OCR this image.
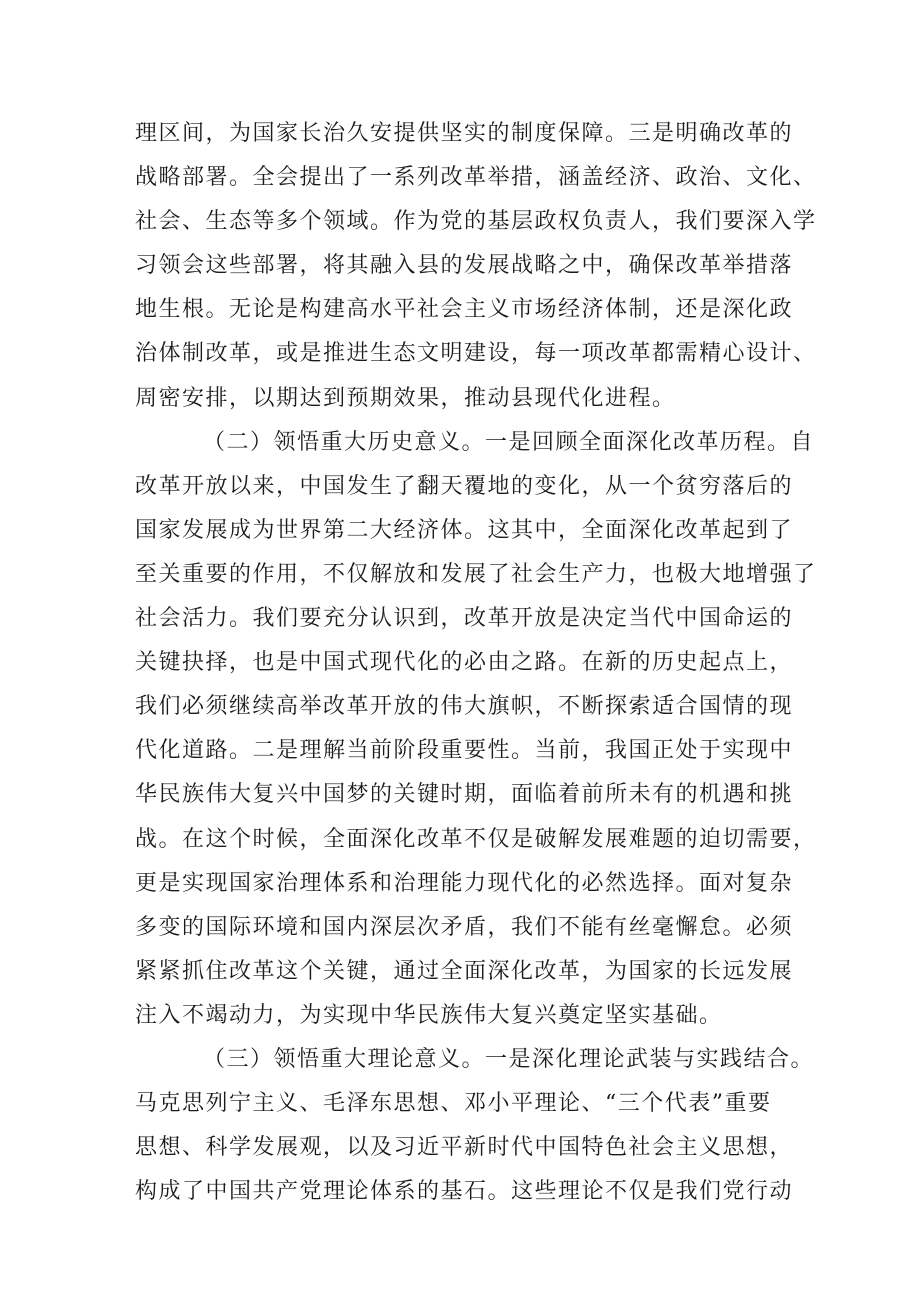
理区间，为国家长治久安提供坚实的制度保障。三是明确改革的
战略部署。全会提出了一系列改革举措，涵盖经济、政治、文化、
社会、生态等多个领域。作为党的基层政权负责人，我们要深入学
习领会这些部署，将其融入县的发展战略之中，确保改革举措落
地生根。无论是构建高水平社会主义市场经济体制，还是深化政
治体制改革，或是推进生态文明建设，每一项改革都需精心设计、
周密安排，以期达到预期效果，推动县现代化进程。
（二）领悟重大历史意义。一是回顾全面深化改革历程。自
改革开放以来，中国发生了翻天覆地的变化，从一个贫穷落后的
国家发展成为世界第二大经济体。这其中，全面深化改革起到了
至关重要的作用，不仅解放和发展了社会生产力，也极大地增强了
社会活力。我们要充分认识到，改革开放是决定当代中国命运的
关键抉择，也是中国式现代化的必由之路。在新的历史起点上，
我们必须继续高举改革开放的伟大旗帜，不断探索适合国情的现
代化道路。二是理解当前阶段重要性。当前，我国正处于实现中
华民族伟大复兴中国梦的关键时期，面临着前所未有的机遇和挑
战。在这个时候，全面深化改革不仅是破解发展难题的迫切需要，
更是实现国家治理体系和治理能力现代化的必然选择。面对复杂
多变的国际环境和国内深层次矛盾，我们不能有丝毫懈怠。必须
紧紧抓住改革这个关键，通过全面深化改革，为国家的长远发展
注入不竭动力，为实现中华民族伟大复兴奠定坚实基础。
（三）领悟重大理论意义。一是深化理论武装与实践结合。
马克思列宁主义、毛泽东思想、邓小平理论、“三个代表”重要
思想、科学发展观，以及习近平新时代中国特色社会主义思想，
构成了中国共产党理论体系的基石。这些理论不仅是我们党行动
